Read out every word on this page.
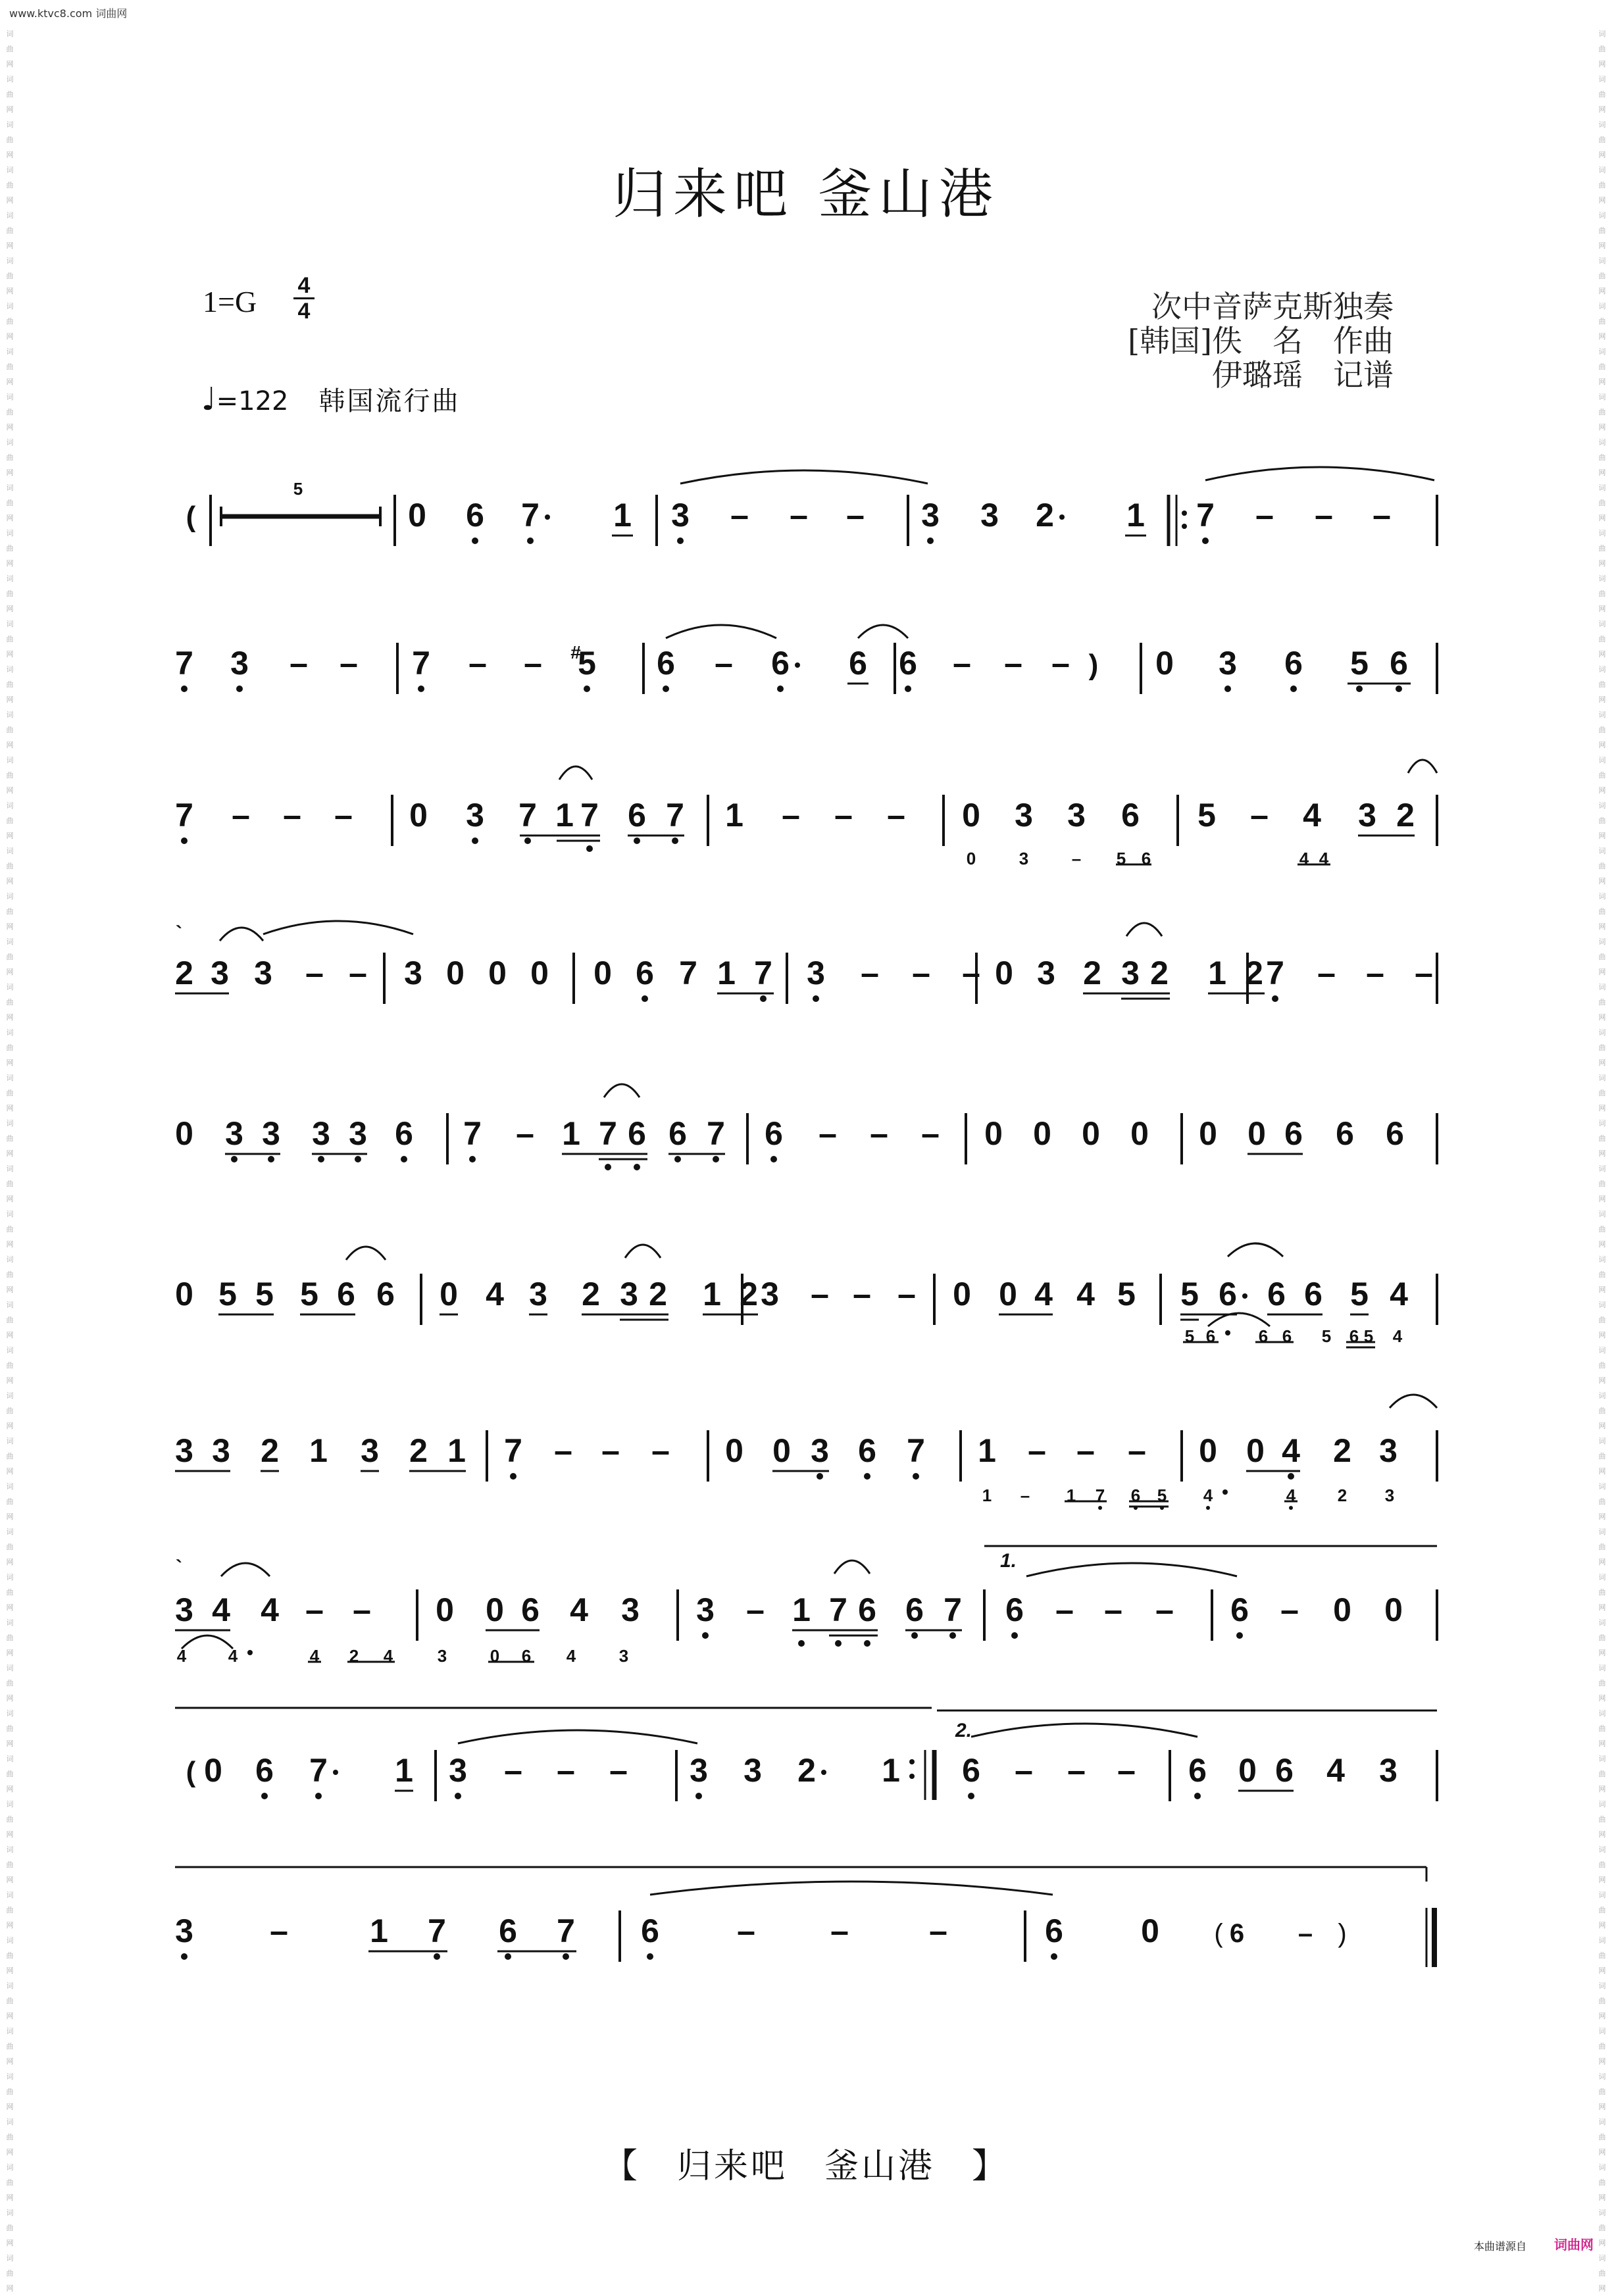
www.ktvc8.com 词曲网
词
曲
网
词
曲
网
词
曲
网
词
曲
网
词
曲
网
词
曲
网
词
曲
网
词
曲
网
词
曲
网
词
曲
网
词
曲
网
词
曲
网
词
曲
网
词
曲
网
词
曲
网
词
曲
网
词
曲
网
词
曲
网
词
曲
网
词
曲
网
词
曲
网
词
曲
网
词
曲
网
词
曲
网
词
曲
网
词
曲
网
词
曲
网
词
曲
网
词
曲
网
词
曲
网
词
曲
网
词
曲
网
词
曲
网
词
曲
网
词
曲
网
词
曲
网
词
曲
网
词
曲
网
词
曲
网
词
曲
网
词
曲
网
词
曲
网
词
曲
网
词
曲
网
词
曲
网
词
曲
网
词
曲
网
词
曲
网
词
曲
网
词
曲
网

词
曲
网
词
曲
网
词
曲
网
词
曲
网
词
曲
网
词
曲
网
词
曲
网
词
曲
网
词
曲
网
词
曲
网
词
曲
网
词
曲
网
词
曲
网
词
曲
网
词
曲
网
词
曲
网
词
曲
网
词
曲
网
词
曲
网
词
曲
网
词
曲
网
词
曲
网
词
曲
网
词
曲
网
词
曲
网
词
曲
网
词
曲
网
词
曲
网
词
曲
网
词
曲
网
词
曲
网
词
曲
网
词
曲
网
词
曲
网
词
曲
网
词
曲
网
词
曲
网
词
曲
网
词
曲
网
词
曲
网
词
曲
网
词
曲
网
词
曲
网
词
曲
网
词
曲
网
词
曲
网
词
曲
网
词
曲
网
词
曲
网
词
曲
网

归来吧 釜山港
1=G 4
4	次中音萨克斯独奏
[韩国]佚　名　作曲
伊璐瑶　记谱
♩=122 韩国流行曲
(
5
0 6 7 1 3 – – – 3 3 2 1 7 – – –
7 3 – – 7 – – 5
# 6 – 6 6 6 – – – ) 0 3 6 5 6
7 – – – 0 3 7 1 7 6 7 1 – – – 0 3 3 6
0	3	– 5 6
5 – 4 3 2
4 4
2 3 3 – –
`
3 0 0 0 0 6 7 1 7 3 – – – 0 3 2 3 2 1 2 7 – – –
0 3 3 3 3 6 7 – 1 7 6 6 7 6 – – – 0 0 0 0 0 0 6 6 6
0 5 5 5 6 6 0 4 3 2 3 2 1 2 3 – – – 0 0 4 4 5 5 6 6 6 5 4
5 6	6 6 5 6 5 4
3 3 2 1 3 2 1 7 – – – 0 0 3 6 7 1 – – –
1 – 1 7 6 5
0 0 4 2 3
4	4 2 3
3 4 4 – –
`
4 4	4 2 4
0 0 6 4 3
3	0 6 4	3
3 – 1 7 6 6 7
1.
6 – – – 6 – 0 0
( 0 6 7 1 3 – – – 3 3 2 1
2.
6 – – – 6 0 6 4 3
3 – 1 7 6 7 6 – – –	6 0 ( 6 – )
【　归来吧　釜山港　】
本曲谱源自 词曲网
